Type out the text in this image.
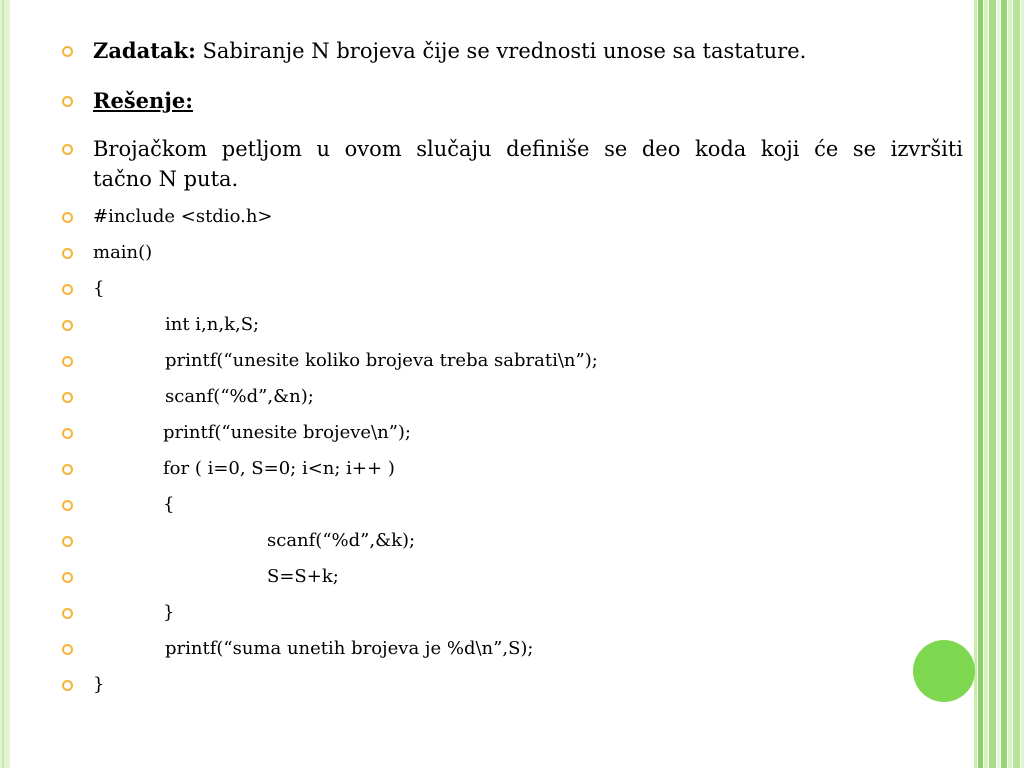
Zadatak: Sabiranje N brojeva čije se vrednosti unose sa tastature.
Rešenje:
Brojačkom petljom u ovom slučaju definiše se deo koda koji će se izvršiti
tačno N puta.
#include <stdio.h>
main()
{
int i,n,k,S;
printf(“unesite koliko brojeva treba sabrati\n”);
scanf(“%d”,&n);
printf(“unesite brojeve\n”);
for ( i=0, S=0; i<n; i++ )
{
scanf(“%d”,&k);
S=S+k;
}
printf(“suma unetih brojeva je %d\n”,S);
}
